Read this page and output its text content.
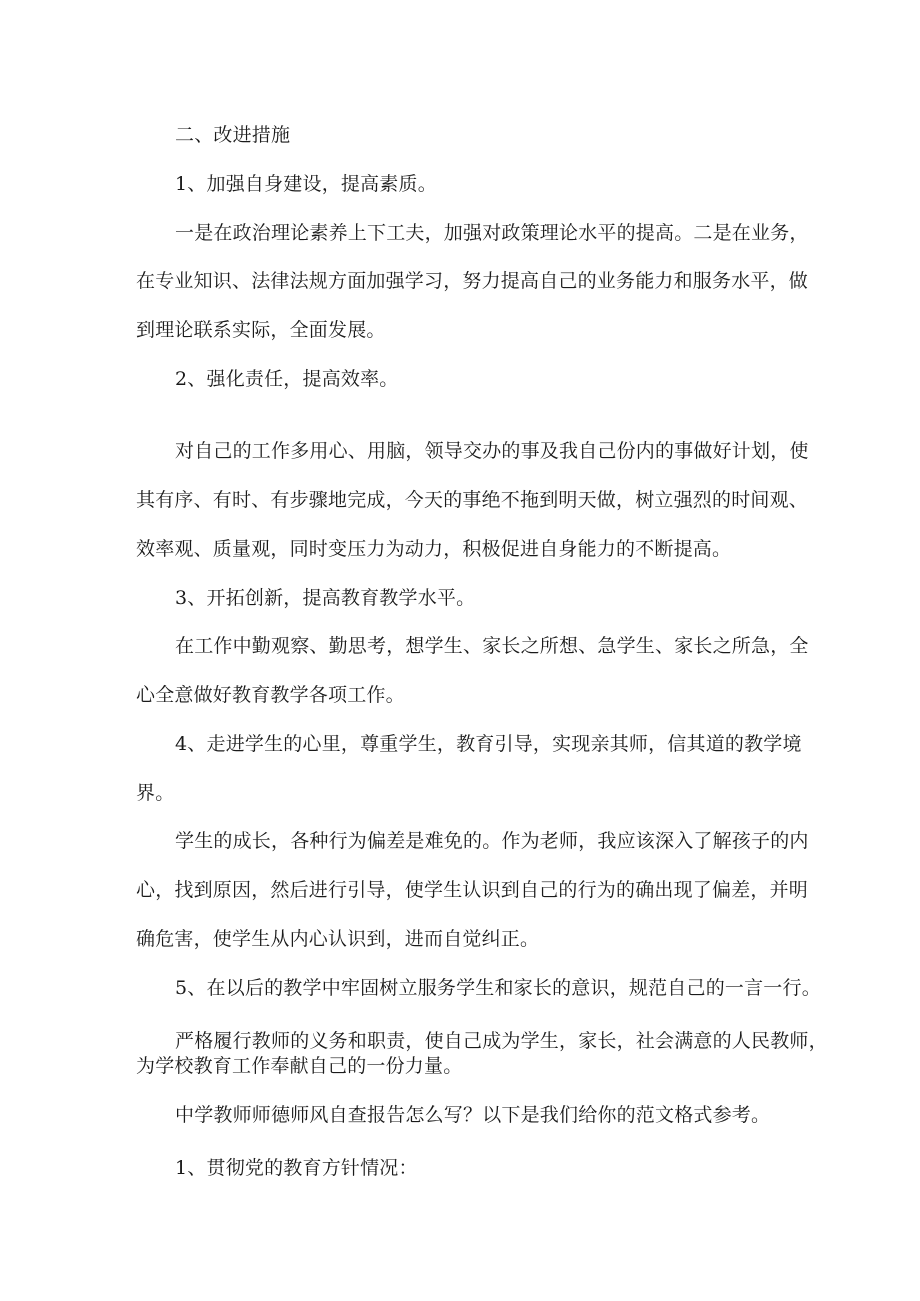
二、改进措施

1、加强自身建设，提高素质。

一是在政治理论素养上下工夫，加强对政策理论水平的提高。二是在业务，

在专业知识、法律法规方面加强学习，努力提高自己的业务能力和服务水平，做

到理论联系实际，全面发展。

2、强化责任，提高效率。

对自己的工作多用心、用脑，领导交办的事及我自己份内的事做好计划，使

其有序、有时、有步骤地完成，今天的事绝不拖到明天做，树立强烈的时间观、

效率观、质量观，同时变压力为动力，积极促进自身能力的不断提高。

3、开拓创新，提高教育教学水平。

在工作中勤观察、勤思考，想学生、家长之所想、急学生、家长之所急，全

心全意做好教育教学各项工作。

4、走进学生的心里，尊重学生，教育引导，实现亲其师，信其道的教学境

界。

学生的成长，各种行为偏差是难免的。作为老师，我应该深入了解孩子的内

心，找到原因，然后进行引导，使学生认识到自己的行为的确出现了偏差，并明

确危害，使学生从内心认识到，进而自觉纠正。

5、在以后的教学中牢固树立服务学生和家长的意识，规范自己的一言一行。

严格履行教师的义务和职责，使自己成为学生，家长，社会满意的人民教师，

为学校教育工作奉献自己的一份力量。

中学教师师德师风自查报告怎么写？以下是我们给你的范文格式参考。

1、贯彻党的教育方针情况：
